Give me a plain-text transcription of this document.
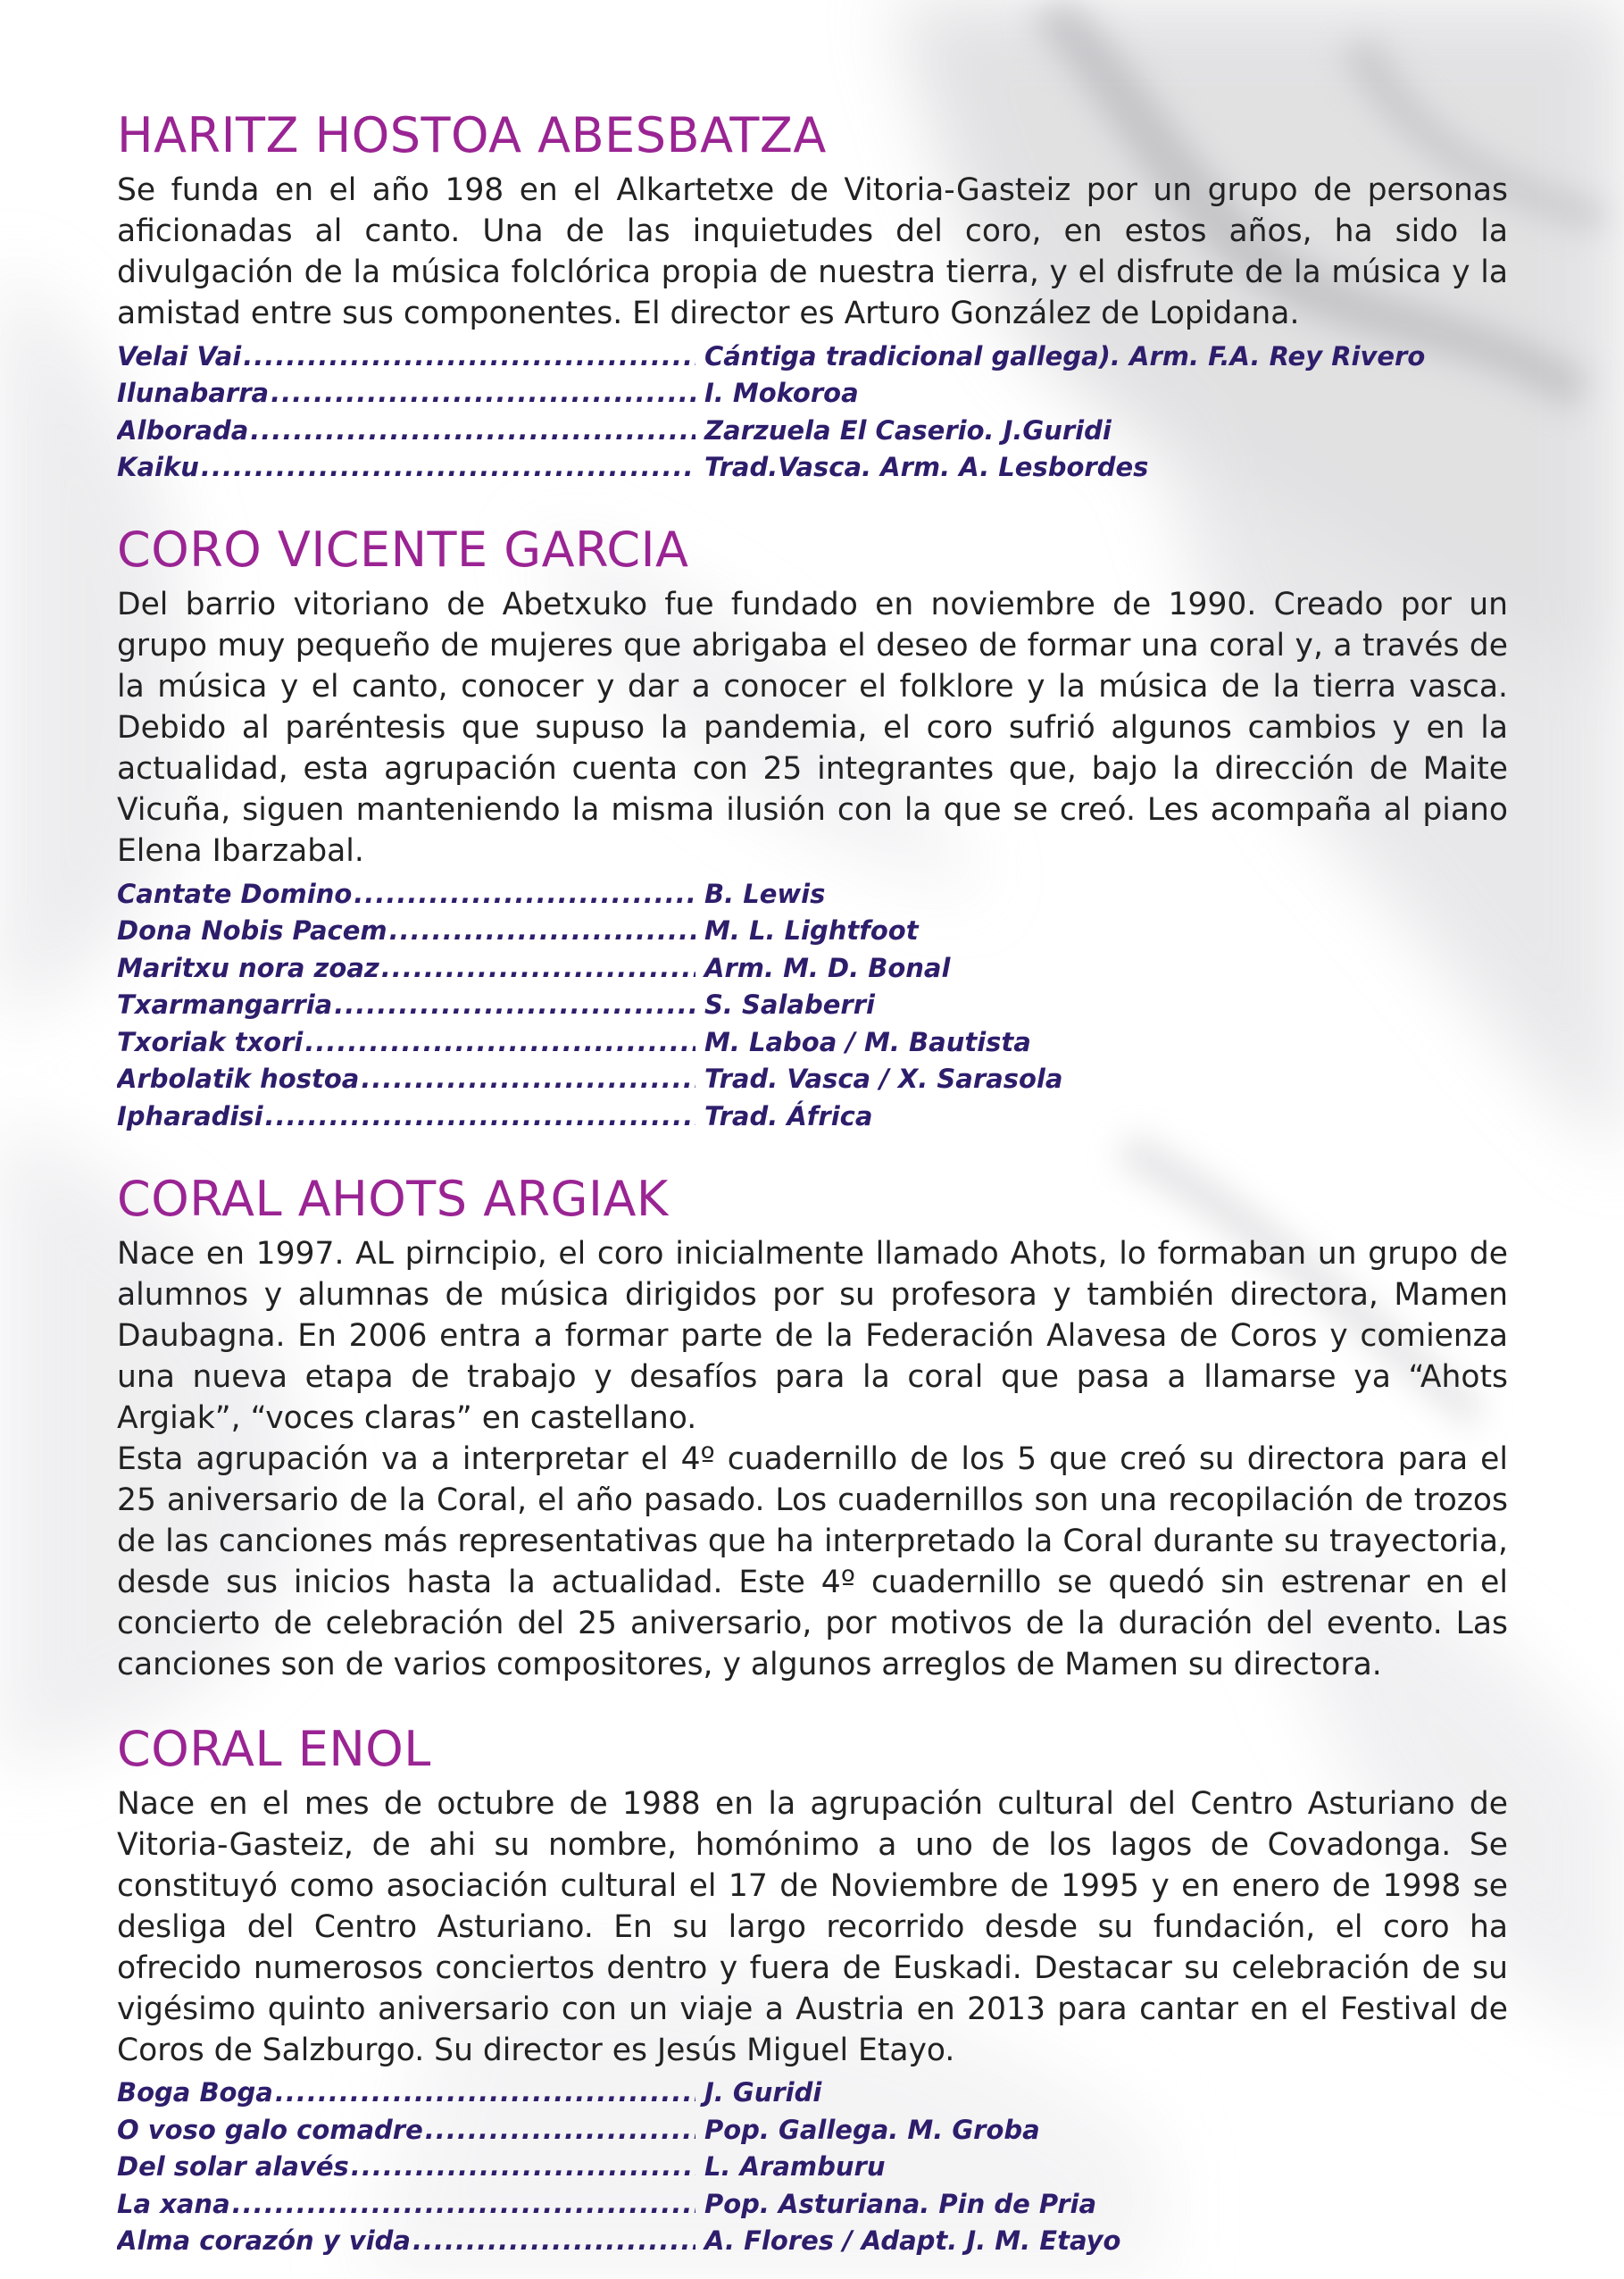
HARITZ HOSTOA ABESBATZA

Se funda en el año 198 en el Alkartetxe de Vitoria-Gasteiz por un grupo de personas aficionadas al canto. Una de las inquietudes del coro, en estos años, ha sido la divulgación de la música folclórica propia de nuestra tierra, y el disfrute de la música y la amistad entre sus componentes. El director es Arturo González de Lopidana.

Velai Vai .....	Cántiga tradicional gallega). Arm. F.A. Rey Rivero
Ilunabarra .....	I. Mokoroa
Alborada .....	Zarzuela El Caserio. J.Guridi
Kaiku .....	Trad.Vasca. Arm. A. Lesbordes
CORO VICENTE GARCIA

Del barrio vitoriano de Abetxuko fue fundado en noviembre de 1990. Creado por un grupo muy pequeño de mujeres que abrigaba el deseo de formar una coral y, a través de la música y el canto, conocer y dar a conocer el folklore y la música de la tierra vasca. Debido al paréntesis que supuso la pandemia, el coro sufrió algunos cambios y en la actualidad, esta agrupación cuenta con 25 integrantes que, bajo la dirección de Maite Vicuña, siguen manteniendo la misma ilusión con la que se creó. Les acompaña al piano Elena Ibarzabal.

Cantate Domino .....	B. Lewis
Dona Nobis Pacem .....	M. L. Lightfoot
Maritxu nora zoaz .....	Arm. M. D. Bonal
Txarmangarria .....	S. Salaberri
Txoriak txori .....	M. Laboa / M. Bautista
Arbolatik hostoa .....	Trad. Vasca / X. Sarasola
Ipharadisi .....	Trad. África
CORAL AHOTS ARGIAK

Nace en 1997. AL pirncipio, el coro inicialmente llamado Ahots, lo formaban un grupo de alumnos y alumnas de música dirigidos por su profesora y también directora, Mamen Daubagna. En 2006 entra a formar parte de la Federación Alavesa de Coros y comienza una nueva etapa de trabajo y desafíos para la coral que pasa a llamarse ya “Ahots Argiak”, “voces claras” en castellano.

Esta agrupación va a interpretar el 4º cuadernillo de los 5 que creó su directora para el 25 aniversario de la Coral, el año pasado. Los cuadernillos son una recopilación de trozos de las canciones más representativas que ha interpretado la Coral durante su trayectoria, desde sus inicios hasta la actualidad. Este 4º cuadernillo se quedó sin estrenar en el concierto de celebración del 25 aniversario, por motivos de la duración del evento. Las canciones son de varios compositores, y algunos arreglos de Mamen su directora.

CORAL ENOL

Nace en el mes de octubre de 1988 en la agrupación cultural del Centro Asturiano de Vitoria-Gasteiz, de ahi su nombre, homónimo a uno de los lagos de Covadonga. Se constituyó como asociación cultural el 17 de Noviembre de 1995 y en enero de 1998 se desliga del Centro Asturiano. En su largo recorrido desde su fundación, el coro ha ofrecido numerosos conciertos dentro y fuera de Euskadi. Destacar su celebración de su vigésimo quinto aniversario con un viaje a Austria en 2013 para cantar en el Festival de Coros de Salzburgo. Su director es Jesús Miguel Etayo.

Boga Boga .....	J. Guridi
O voso galo comadre .....	Pop. Gallega. M. Groba
Del solar alavés .....	L. Aramburu
La xana .....	Pop. Asturiana. Pin de Pria
Alma corazón y vida .....	A. Flores / Adapt. J. M. Etayo
